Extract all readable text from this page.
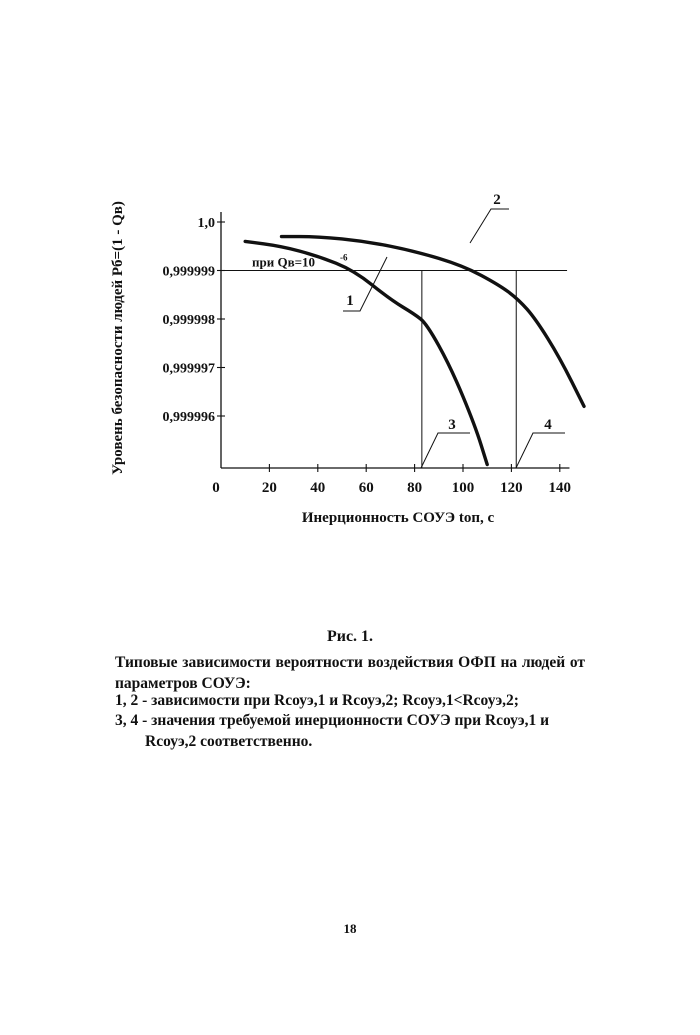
0	20 40 60 80 100 120 140
1,0
0,999999
0,999998
0,999997
0,999996
Инерционность СОУЭ tоп, с
Уровень безопасности людей Pб=(1 - Qв)	при Qв=10	-6
1
2
3	4
Рис. 1.
Типовые зависимости вероятности воздействия ОФП на людей от параметров СОУЭ:
1, 2 - зависимости при Rсоуэ,1 и Rсоуэ,2; Rсоуэ,1<Rсоуэ,2;
3, 4 - значения требуемой инерционности СОУЭ при Rсоуэ,1 и
Rсоуэ,2 соответственно.
18
